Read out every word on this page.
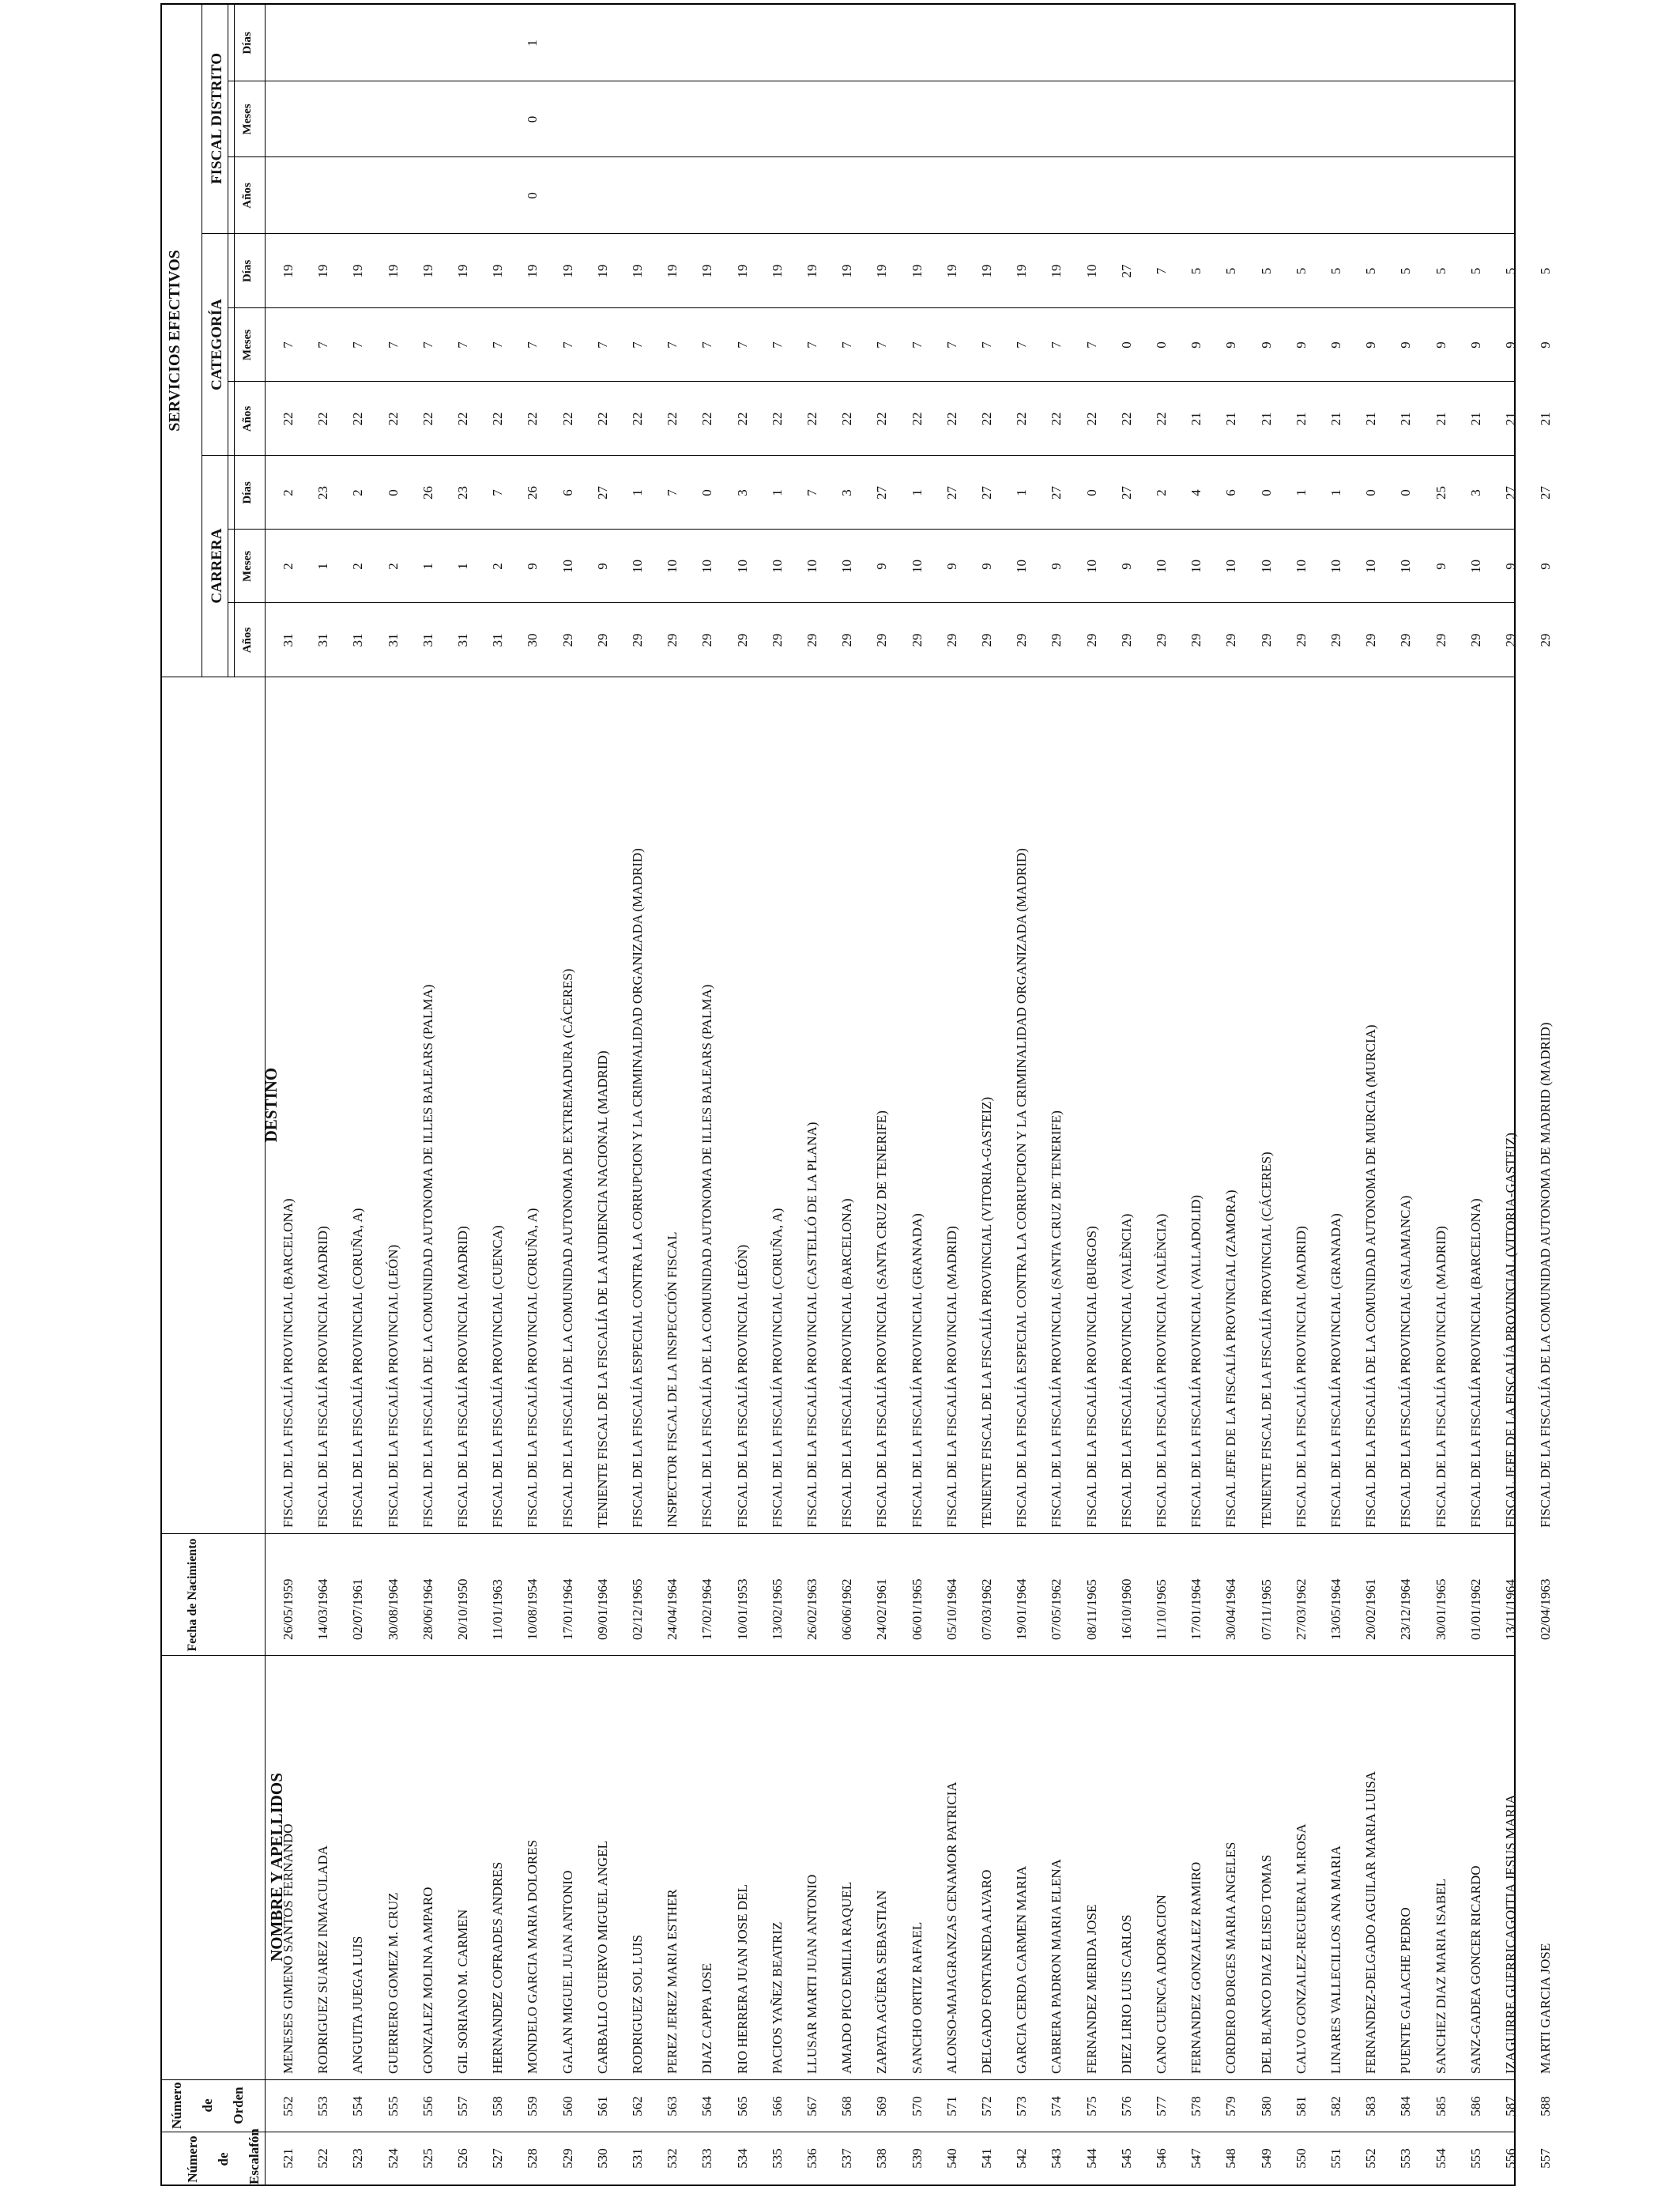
Número de Escalafón
Número de Orden
NOMBRE Y APELLIDOS
Fecha de Nacimiento
DESTINO
SERVICIOS EFECTIVOS
CARRERA
CATEGORÍA
FISCAL DISTRITO
Años
Meses
Días
Años
Meses
Días
Años
Meses
Días
521
552
MENESES GIMENO SANTOS FERNANDO
26/05/1959
FISCAL DE LA FISCALÍA PROVINCIAL (BARCELONA)
31
2
2
22
7
19
522
553
RODRIGUEZ SUAREZ INMACULADA
14/03/1964
FISCAL DE LA FISCALÍA PROVINCIAL (MADRID)
31
1
23
22
7
19
523
554
ANGUITA JUEGA LUIS
02/07/1961
FISCAL DE LA FISCALÍA PROVINCIAL (CORUÑA, A)
31
2
2
22
7
19
524
555
GUERRERO GOMEZ M. CRUZ
30/08/1964
FISCAL DE LA FISCALÍA PROVINCIAL (LEÓN)
31
2
0
22
7
19
525
556
GONZALEZ MOLINA AMPARO
28/06/1964
FISCAL DE LA FISCALÍA DE LA COMUNIDAD AUTONOMA DE ILLES BALEARS (PALMA)
31
1
26
22
7
19
526
557
GIL SORIANO M. CARMEN
20/10/1950
FISCAL DE LA FISCALÍA PROVINCIAL (MADRID)
31
1
23
22
7
19
527
558
HERNANDEZ COFRADES ANDRES
11/01/1963
FISCAL DE LA FISCALÍA PROVINCIAL (CUENCA)
31
2
7
22
7
19
528
559
MONDELO GARCIA MARIA DOLORES
10/08/1954
FISCAL DE LA FISCALÍA PROVINCIAL (CORUÑA, A)
30
9
26
22
7
19
0
0
1
529
560
GALAN MIGUEL JUAN ANTONIO
17/01/1964
FISCAL DE LA FISCALÍA DE LA COMUNIDAD AUTONOMA DE EXTREMADURA (CÁCERES)
29
10
6
22
7
19
530
561
CARBALLO CUERVO MIGUEL ANGEL
09/01/1964
TENIENTE FISCAL DE LA FISCALÍA DE LA AUDIENCIA NACIONAL (MADRID)
29
9
27
22
7
19
531
562
RODRIGUEZ SOL LUIS
02/12/1965
FISCAL DE LA FISCALÍA ESPECIAL CONTRA LA CORRUPCION Y LA CRIMINALIDAD ORGANIZADA (MADRID)
29
10
1
22
7
19
532
563
PEREZ JEREZ MARIA ESTHER
24/04/1964
INSPECTOR FISCAL DE LA INSPECCIÓN FISCAL
29
10
7
22
7
19
533
564
DIAZ CAPPA JOSE
17/02/1964
FISCAL DE LA FISCALÍA DE LA COMUNIDAD AUTONOMA DE ILLES BALEARS (PALMA)
29
10
0
22
7
19
534
565
RIO HERRERA JUAN JOSE DEL
10/01/1953
FISCAL DE LA FISCALÍA PROVINCIAL (LEÓN)
29
10
3
22
7
19
535
566
PACIOS YAÑEZ BEATRIZ
13/02/1965
FISCAL DE LA FISCALÍA PROVINCIAL (CORUÑA, A)
29
10
1
22
7
19
536
567
LLUSAR MARTI JUAN ANTONIO
26/02/1963
FISCAL DE LA FISCALÍA PROVINCIAL (CASTELLÓ DE LA PLANA)
29
10
7
22
7
19
537
568
AMADO PICO EMILIA RAQUEL
06/06/1962
FISCAL DE LA FISCALÍA PROVINCIAL (BARCELONA)
29
10
3
22
7
19
538
569
ZAPATA AGÜERA SEBASTIAN
24/02/1961
FISCAL DE LA FISCALÍA PROVINCIAL (SANTA CRUZ DE TENERIFE)
29
9
27
22
7
19
539
570
SANCHO ORTIZ RAFAEL
06/01/1965
FISCAL DE LA FISCALÍA PROVINCIAL (GRANADA)
29
10
1
22
7
19
540
571
ALONSO-MAJAGRANZAS CENAMOR PATRICIA
05/10/1964
FISCAL DE LA FISCALÍA PROVINCIAL (MADRID)
29
9
27
22
7
19
541
572
DELGADO FONTANEDA ALVARO
07/03/1962
TENIENTE FISCAL DE LA FISCALÍA PROVINCIAL (VITORIA-GASTEIZ)
29
9
27
22
7
19
542
573
GARCIA CERDA CARMEN MARIA
19/01/1964
FISCAL DE LA FISCALÍA ESPECIAL CONTRA LA CORRUPCION Y LA CRIMINALIDAD ORGANIZADA (MADRID)
29
10
1
22
7
19
543
574
CABRERA PADRON MARIA ELENA
07/05/1962
FISCAL DE LA FISCALÍA PROVINCIAL (SANTA CRUZ DE TENERIFE)
29
9
27
22
7
19
544
575
FERNANDEZ MERIDA JOSE
08/11/1965
FISCAL DE LA FISCALÍA PROVINCIAL (BURGOS)
29
10
0
22
7
10
545
576
DIEZ LIRIO LUIS CARLOS
16/10/1960
FISCAL DE LA FISCALÍA PROVINCIAL (VALÈNCIA)
29
9
27
22
0
27
546
577
CANO CUENCA ADORACION
11/10/1965
FISCAL DE LA FISCALÍA PROVINCIAL (VALÈNCIA)
29
10
2
22
0
7
547
578
FERNANDEZ GONZALEZ RAMIRO
17/01/1964
FISCAL DE LA FISCALÍA PROVINCIAL (VALLADOLID)
29
10
4
21
9
5
548
579
CORDERO BORGES MARIA ANGELES
30/04/1964
FISCAL JEFE DE LA FISCALÍA PROVINCIAL (ZAMORA)
29
10
6
21
9
5
549
580
DEL BLANCO DIAZ ELISEO TOMAS
07/11/1965
TENIENTE FISCAL DE LA FISCALÍA PROVINCIAL (CÁCERES)
29
10
0
21
9
5
550
581
CALVO GONZALEZ-REGUERAL M.ROSA
27/03/1962
FISCAL DE LA FISCALÍA PROVINCIAL (MADRID)
29
10
1
21
9
5
551
582
LINARES VALLECILLOS ANA MARIA
13/05/1964
FISCAL DE LA FISCALÍA PROVINCIAL (GRANADA)
29
10
1
21
9
5
552
583
FERNANDEZ-DELGADO AGUILAR MARIA LUISA
20/02/1961
FISCAL DE LA FISCALÍA DE LA COMUNIDAD AUTONOMA DE MURCIA (MURCIA)
29
10
0
21
9
5
553
584
PUENTE GALACHE PEDRO
23/12/1964
FISCAL DE LA FISCALÍA PROVINCIAL (SALAMANCA)
29
10
0
21
9
5
554
585
SANCHEZ DIAZ MARIA ISABEL
30/01/1965
FISCAL DE LA FISCALÍA PROVINCIAL (MADRID)
29
9
25
21
9
5
555
586
SANZ-GADEA GONCER RICARDO
01/01/1962
FISCAL DE LA FISCALÍA PROVINCIAL (BARCELONA)
29
10
3
21
9
5
556
587
IZAGUIRRE GUERRICAGOITIA JESUS MARIA
13/11/1964
FISCAL JEFE DE LA FISCALÍA PROVINCIAL (VITORIA-GASTEIZ)
29
9
27
21
9
5
557
588
MARTI GARCIA JOSE
02/04/1963
FISCAL DE LA FISCALÍA DE LA COMUNIDAD AUTONOMA DE MADRID (MADRID)
29
9
27
21
9
5
